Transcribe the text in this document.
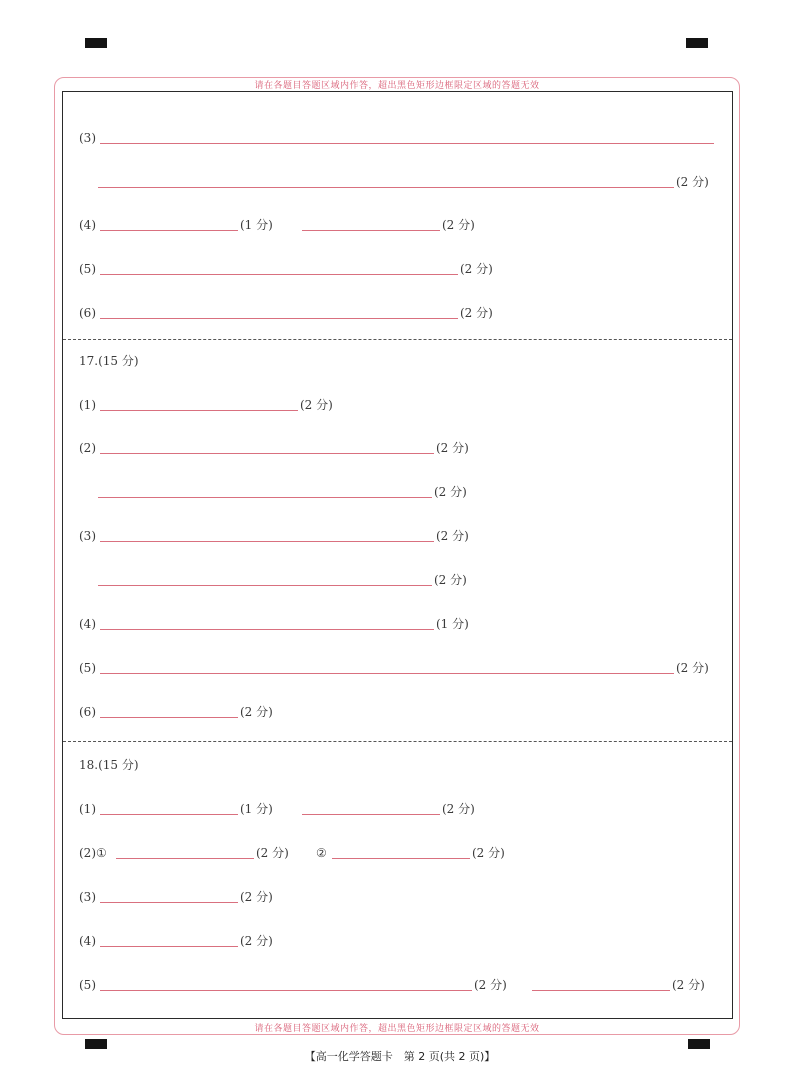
请在各题目答题区域内作答，超出黑色矩形边框限定区域的答题无效
请在各题目答题区域内作答，超出黑色矩形边框限定区域的答题无效
(3)
(2 分)
(4)	(1 分)	(2 分)
(5)	(2 分)
(6)	(2 分)
17.(15 分)
(1)	(2 分)
(2)	(2 分)
(2 分)
(3)	(2 分)
(2 分)
(4)	(1 分)
(5)	(2 分)
(6)	(2 分)
18.(15 分)
(1)	(1 分)	(2 分)
(2)①	(2 分) ②	(2 分)
(3)	(2 分)
(4)	(2 分)
(5)	(2 分)	(2 分)
【高一化学答题卡　第 2 页(共 2 页)】
